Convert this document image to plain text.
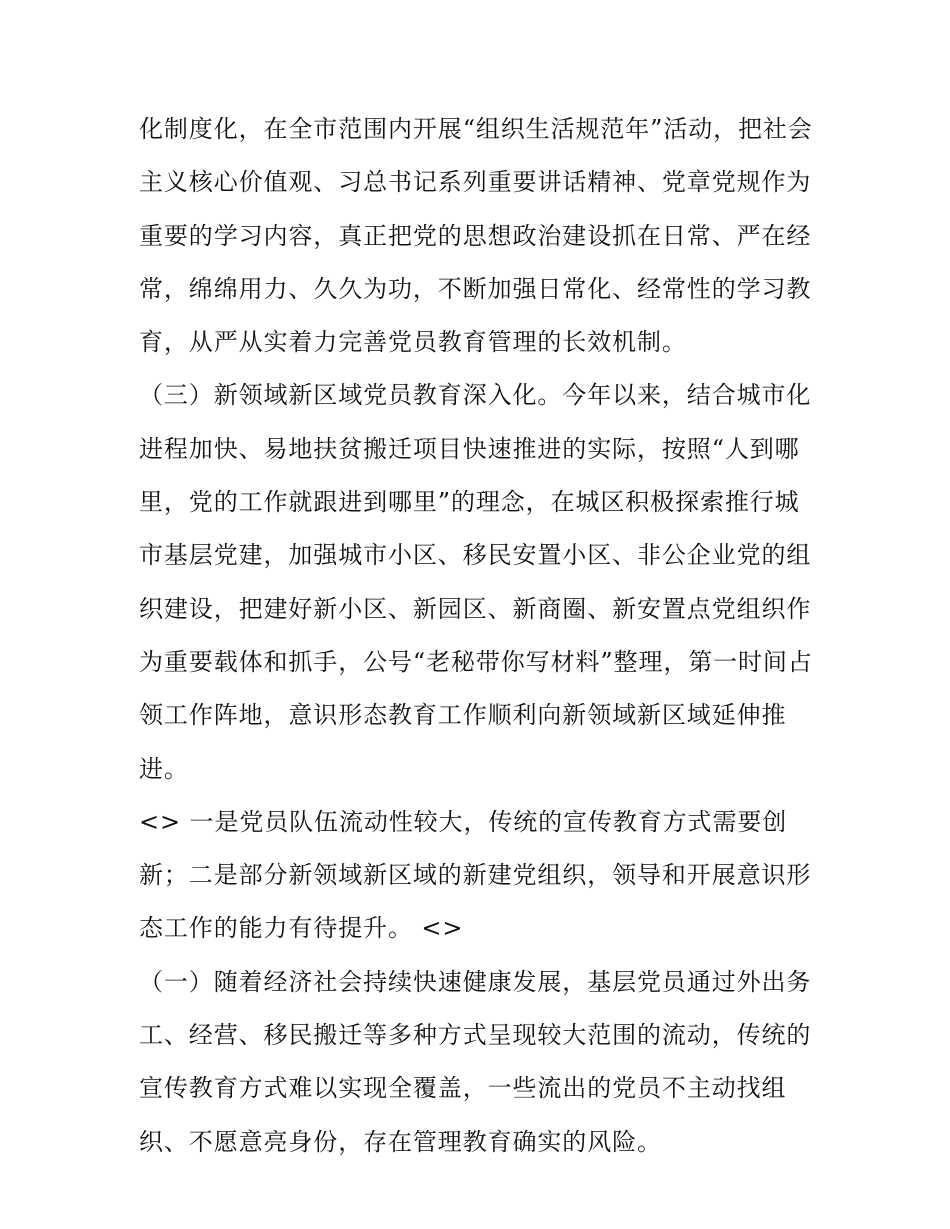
化制度化，在全市范围内开展“组织生活规范年”活动，把社会
主义核心价值观、习总书记系列重要讲话精神、党章党规作为
重要的学习内容，真正把党的思想政治建设抓在日常、严在经
常，绵绵用力、久久为功，不断加强日常化、经常性的学习教
育，从严从实着力完善党员教育管理的长效机制。
（三）新领域新区域党员教育深入化。今年以来，结合城市化
进程加快、易地扶贫搬迁项目快速推进的实际，按照“人到哪
里，党的工作就跟进到哪里”的理念，在城区积极探索推行城
市基层党建，加强城市小区、移民安置小区、非公企业党的组
织建设，把建好新小区、新园区、新商圈、新安置点党组织作
为重要载体和抓手，公号“老秘带你写材料”整理，第一时间占
领工作阵地，意识形态教育工作顺利向新领域新区域延伸推
进。
<> 一是党员队伍流动性较大，传统的宣传教育方式需要创
新；二是部分新领域新区域的新建党组织，领导和开展意识形
态工作的能力有待提升。 <>
（一）随着经济社会持续快速健康发展，基层党员通过外出务
工、经营、移民搬迁等多种方式呈现较大范围的流动，传统的
宣传教育方式难以实现全覆盖，一些流出的党员不主动找组
织、不愿意亮身份，存在管理教育确实的风险。
